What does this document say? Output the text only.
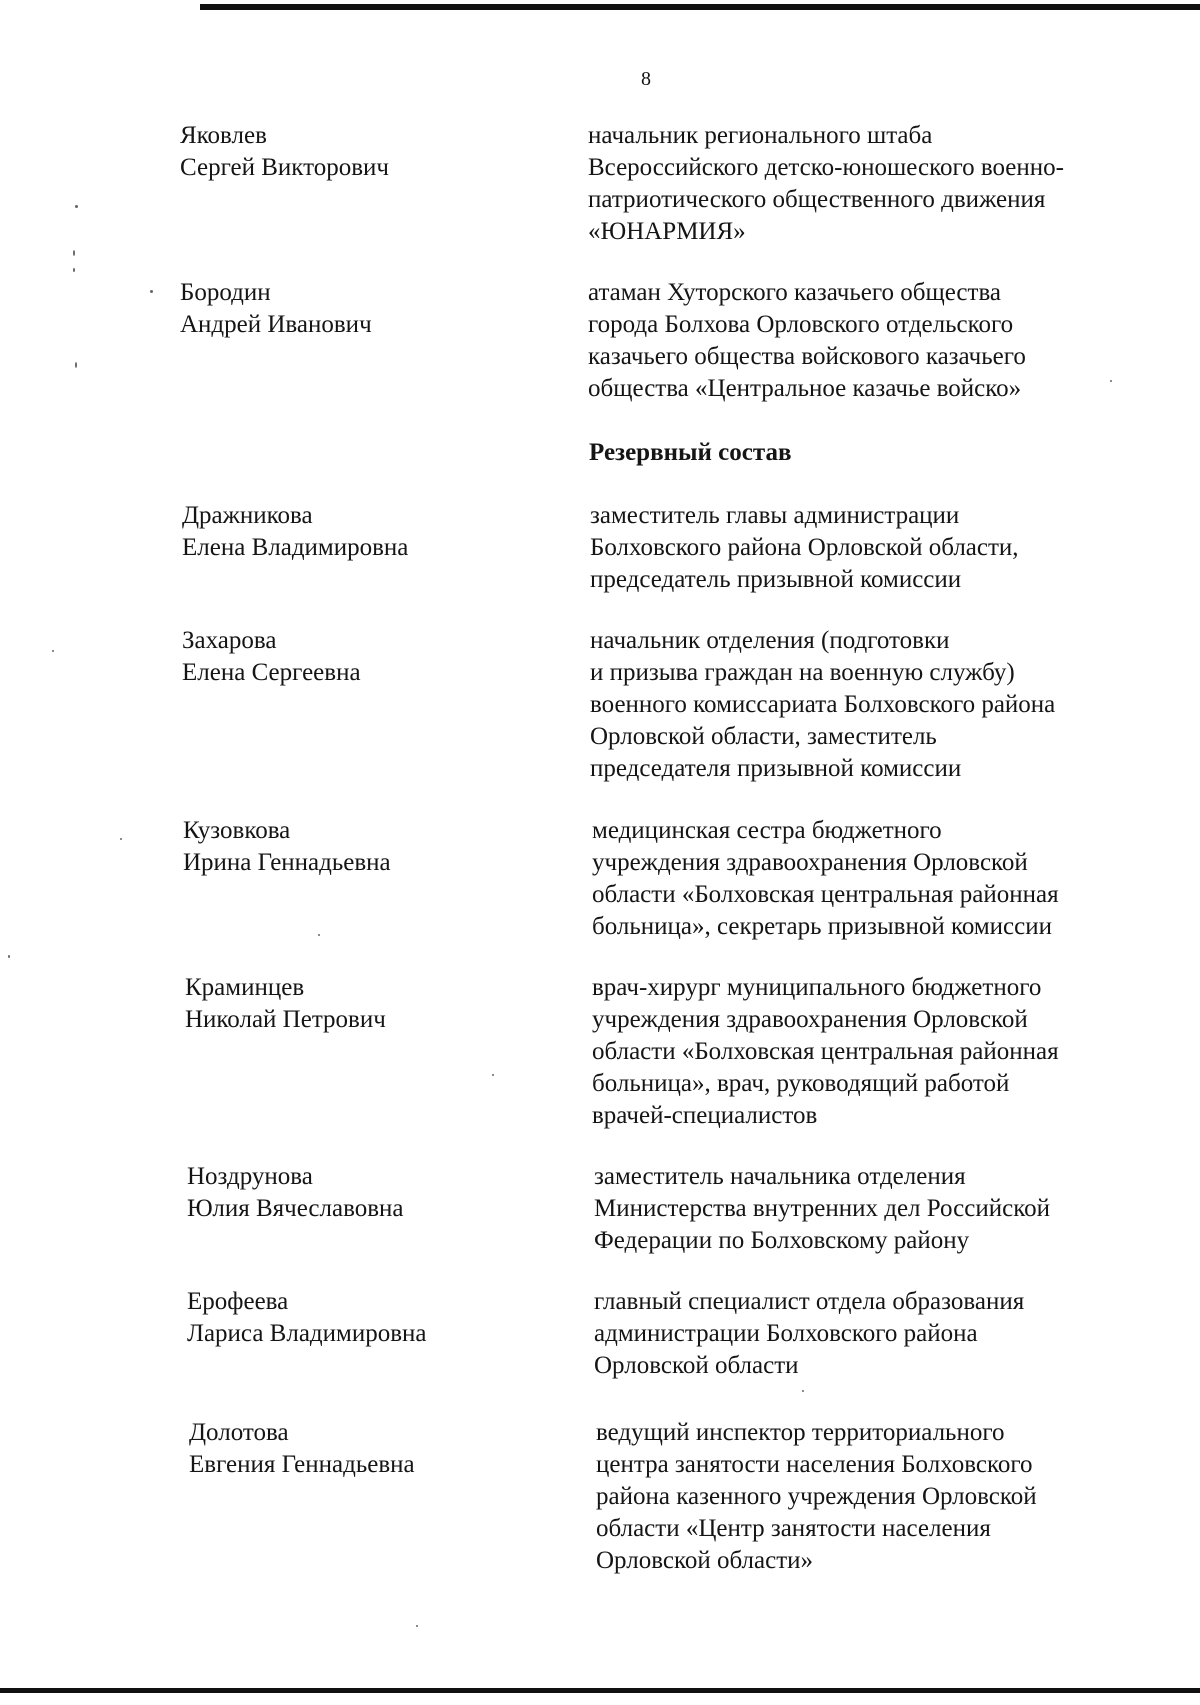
8
Яковлев
Сергей Викторович
начальник регионального штаба
Всероссийского детско-юношеского военно-
патриотического общественного движения
«ЮНАРМИЯ»
Бородин
Андрей Иванович
атаман Хуторского казачьего общества
города Болхова Орловского отдельского
казачьего общества войскового казачьего
общества «Центральное казачье войско»
Резервный состав
Дражникова
Елена Владимировна
заместитель главы администрации
Болховского района Орловской области,
председатель призывной комиссии
Захарова
Елена Сергеевна
начальник отделения (подготовки
и призыва граждан на военную службу)
военного комиссариата Болховского района
Орловской области, заместитель
председателя призывной комиссии
Кузовкова
Ирина Геннадьевна
медицинская сестра бюджетного
учреждения здравоохранения Орловской
области «Болховская центральная районная
больница», секретарь призывной комиссии
Краминцев
Николай Петрович
врач-хирург муниципального бюджетного
учреждения здравоохранения Орловской
области «Болховская центральная районная
больница», врач, руководящий работой
врачей-специалистов
Ноздрунова
Юлия Вячеславовна
заместитель начальника отделения
Министерства внутренних дел Российской
Федерации по Болховскому району
Ерофеева
Лариса Владимировна
главный специалист отдела образования
администрации Болховского района
Орловской области
Долотова
Евгения Геннадьевна
ведущий инспектор территориального
центра занятости населения Болховского
района казенного учреждения Орловской
области «Центр занятости населения
Орловской области»
